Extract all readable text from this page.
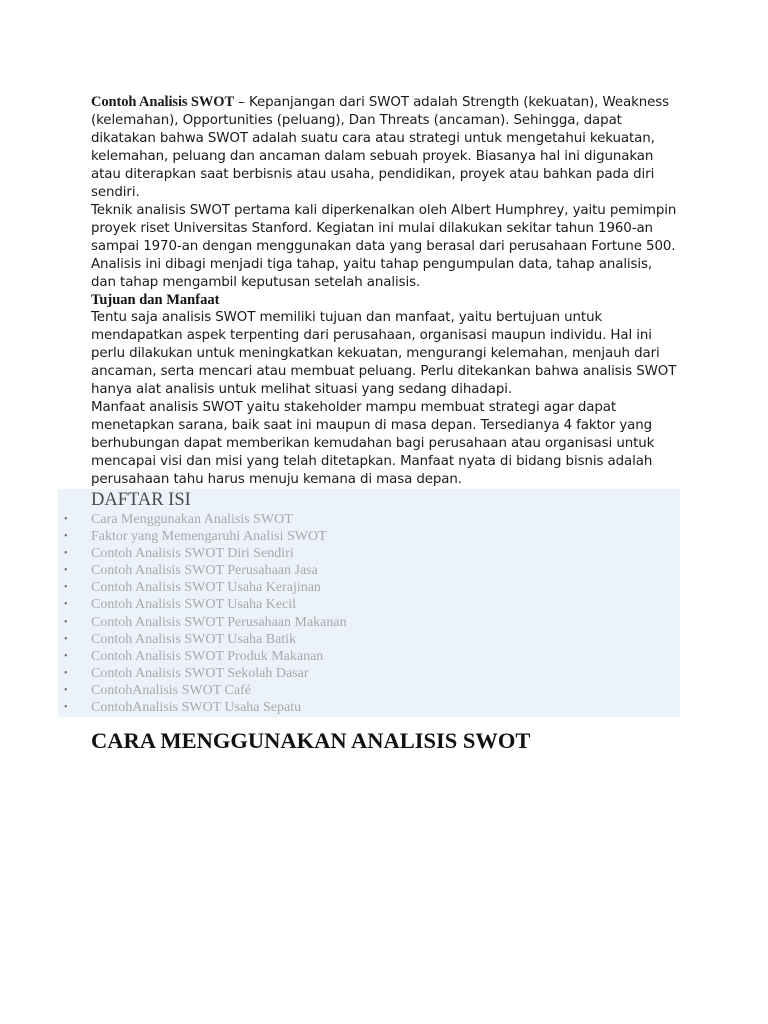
Contoh Analisis SWOT – Kepanjangan dari SWOT adalah Strength (kekuatan), Weakness (kelemahan), Opportunities (peluang), Dan Threats (ancaman). Sehingga, dapat dikatakan bahwa SWOT adalah suatu cara atau strategi untuk mengetahui kekuatan, kelemahan, peluang dan ancaman dalam sebuah proyek. Biasanya hal ini digunakan atau diterapkan saat berbisnis atau usaha, pendidikan, proyek atau bahkan pada diri sendiri.

Teknik analisis SWOT pertama kali diperkenalkan oleh Albert Humphrey, yaitu pemimpin proyek riset Universitas Stanford. Kegiatan ini mulai dilakukan sekitar tahun 1960-an sampai 1970-an dengan menggunakan data yang berasal dari perusahaan Fortune 500. Analisis ini dibagi menjadi tiga tahap, yaitu tahap pengumpulan data, tahap analisis, dan tahap mengambil keputusan setelah analisis.

Tujuan dan Manfaat

Tentu saja analisis SWOT memiliki tujuan dan manfaat, yaitu bertujuan untuk mendapatkan aspek terpenting dari perusahaan, organisasi maupun individu. Hal ini perlu dilakukan untuk meningkatkan kekuatan, mengurangi kelemahan, menjauh dari ancaman, serta mencari atau membuat peluang. Perlu ditekankan bahwa analisis SWOT hanya alat analisis untuk melihat situasi yang sedang dihadapi.

Manfaat analisis SWOT yaitu stakeholder mampu membuat strategi agar dapat menetapkan sarana, baik saat ini maupun di masa depan. Tersedianya 4 faktor yang berhubungan dapat memberikan kemudahan bagi perusahaan atau organisasi untuk mencapai visi dan misi yang telah ditetapkan. Manfaat nyata di bidang bisnis adalah perusahaan tahu harus menuju kemana di masa depan.

DAFTAR ISI

• Cara Menggunakan Analisis SWOT
• Faktor yang Memengaruhi Analisi SWOT
• Contoh Analisis SWOT Diri Sendiri
• Contoh Analisis SWOT Perusahaan Jasa
• Contoh Analisis SWOT Usaha Kerajinan
• Contoh Analisis SWOT Usaha Kecil
• Contoh Analisis SWOT Perusahaan Makanan
• Contoh Analisis SWOT Usaha Batik
• Contoh Analisis SWOT Produk Makanan
• Contoh Analisis SWOT Sekolah Dasar
• ContohAnalisis SWOT Café
• ContohAnalisis SWOT Usaha Sepatu
CARA MENGGUNAKAN ANALISIS SWOT
